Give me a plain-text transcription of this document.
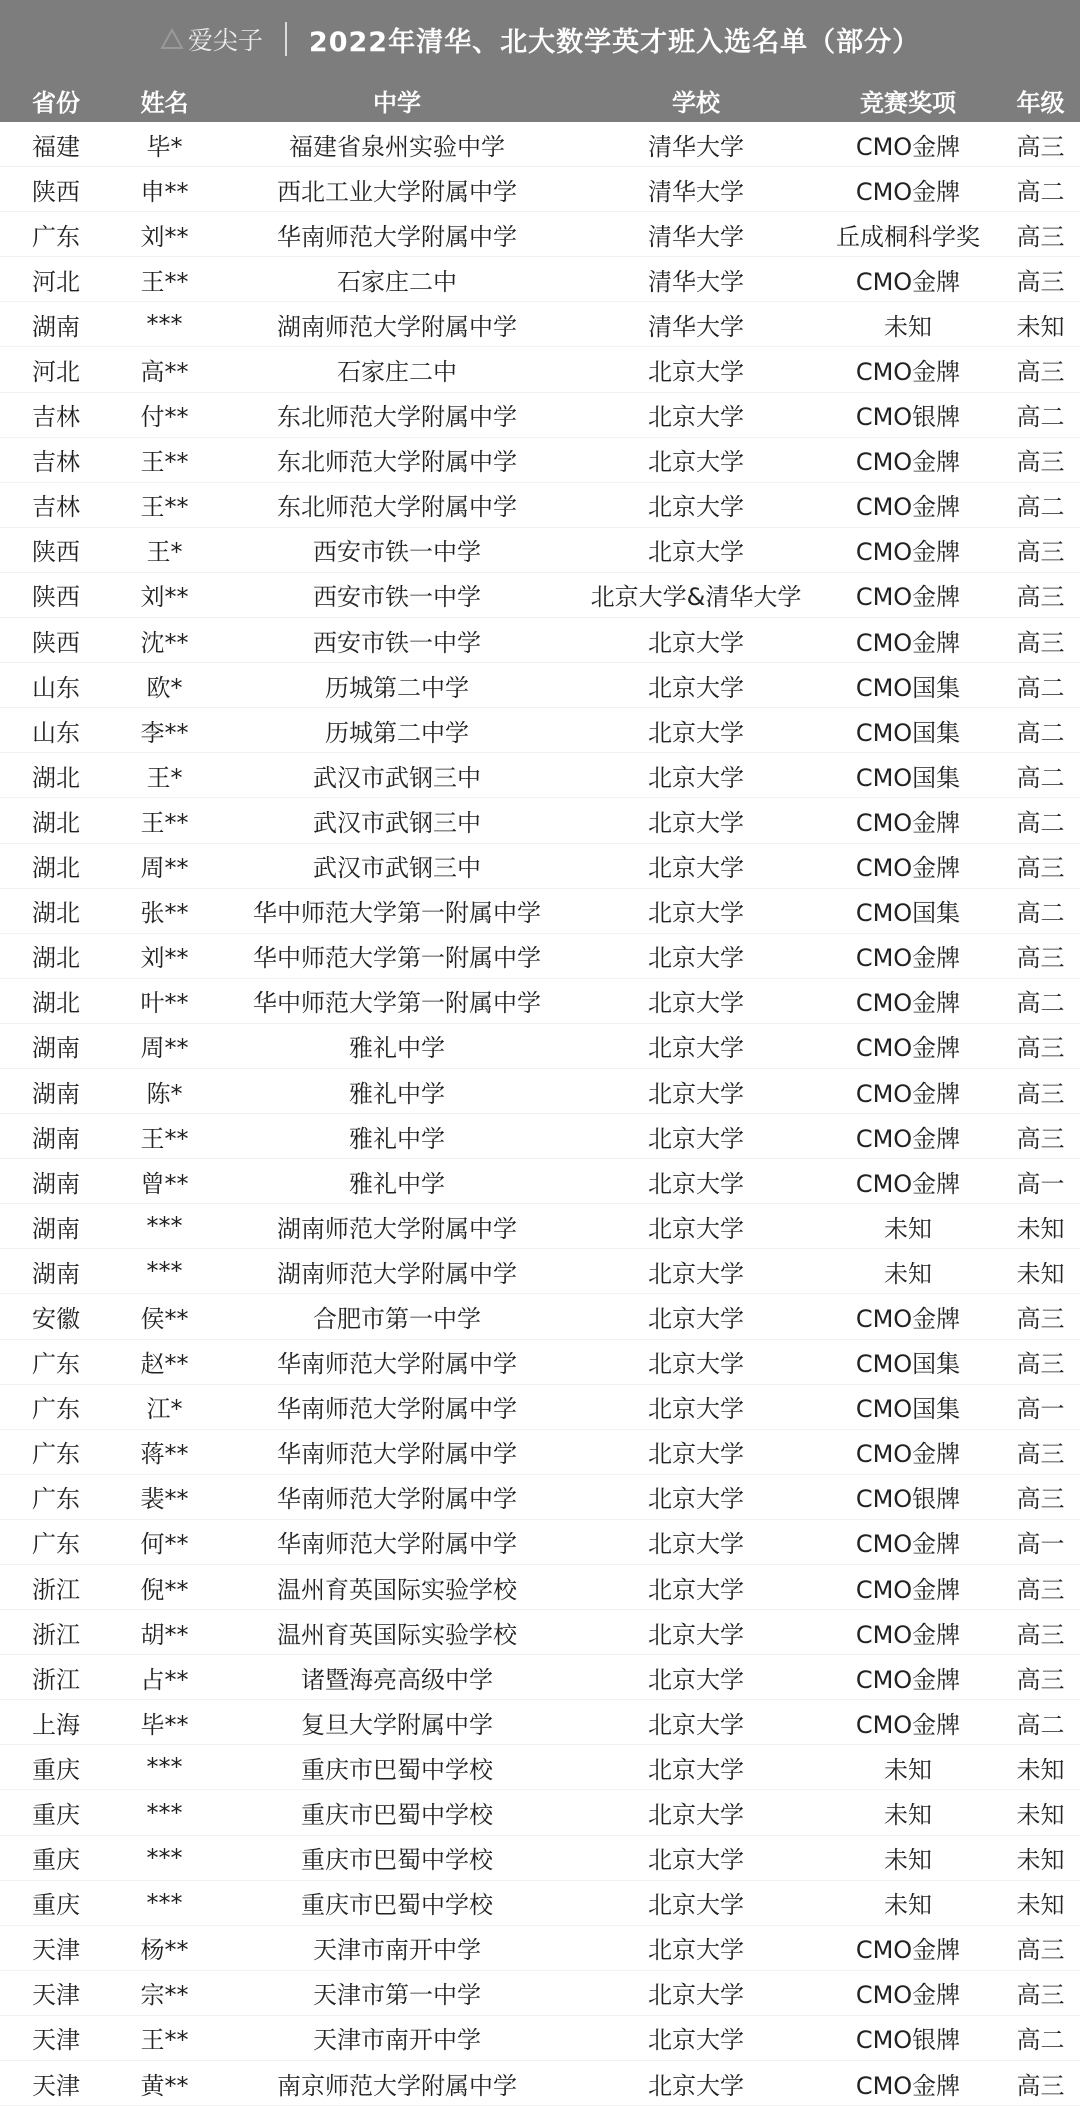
爱尖子 2022年清华、北大数学英才班入选名单（部分）
省份	姓名	中学	学校	竞赛奖项	年级
福建	毕*	福建省泉州实验中学	清华大学	CMO金牌	高三
陕西	申**	西北工业大学附属中学	清华大学	CMO金牌	高二
广东	刘**	华南师范大学附属中学	清华大学	丘成桐科学奖	高三
河北	王**	石家庄二中	清华大学	CMO金牌	高三
湖南	***	湖南师范大学附属中学	清华大学	未知	未知
河北	高**	石家庄二中	北京大学	CMO金牌	高三
吉林	付**	东北师范大学附属中学	北京大学	CMO银牌	高二
吉林	王**	东北师范大学附属中学	北京大学	CMO金牌	高三
吉林	王**	东北师范大学附属中学	北京大学	CMO金牌	高二
陕西	王*	西安市铁一中学	北京大学	CMO金牌	高三
陕西	刘**	西安市铁一中学	北京大学&清华大学	CMO金牌	高三
陕西	沈**	西安市铁一中学	北京大学	CMO金牌	高三
山东	欧*	历城第二中学	北京大学	CMO国集	高二
山东	李**	历城第二中学	北京大学	CMO国集	高二
湖北	王*	武汉市武钢三中	北京大学	CMO国集	高二
湖北	王**	武汉市武钢三中	北京大学	CMO金牌	高二
湖北	周**	武汉市武钢三中	北京大学	CMO金牌	高三
湖北	张**	华中师范大学第一附属中学	北京大学	CMO国集	高二
湖北	刘**	华中师范大学第一附属中学	北京大学	CMO金牌	高三
湖北	叶**	华中师范大学第一附属中学	北京大学	CMO金牌	高二
湖南	周**	雅礼中学	北京大学	CMO金牌	高三
湖南	陈*	雅礼中学	北京大学	CMO金牌	高三
湖南	王**	雅礼中学	北京大学	CMO金牌	高三
湖南	曾**	雅礼中学	北京大学	CMO金牌	高一
湖南	***	湖南师范大学附属中学	北京大学	未知	未知
湖南	***	湖南师范大学附属中学	北京大学	未知	未知
安徽	侯**	合肥市第一中学	北京大学	CMO金牌	高三
广东	赵**	华南师范大学附属中学	北京大学	CMO国集	高三
广东	江*	华南师范大学附属中学	北京大学	CMO国集	高一
广东	蒋**	华南师范大学附属中学	北京大学	CMO金牌	高三
广东	裴**	华南师范大学附属中学	北京大学	CMO银牌	高三
广东	何**	华南师范大学附属中学	北京大学	CMO金牌	高一
浙江	倪**	温州育英国际实验学校	北京大学	CMO金牌	高三
浙江	胡**	温州育英国际实验学校	北京大学	CMO金牌	高三
浙江	占**	诸暨海亮高级中学	北京大学	CMO金牌	高三
上海	毕**	复旦大学附属中学	北京大学	CMO金牌	高二
重庆	***	重庆市巴蜀中学校	北京大学	未知	未知
重庆	***	重庆市巴蜀中学校	北京大学	未知	未知
重庆	***	重庆市巴蜀中学校	北京大学	未知	未知
重庆	***	重庆市巴蜀中学校	北京大学	未知	未知
天津	杨**	天津市南开中学	北京大学	CMO金牌	高三
天津	宗**	天津市第一中学	北京大学	CMO金牌	高三
天津	王**	天津市南开中学	北京大学	CMO银牌	高二
天津	黄**	南京师范大学附属中学	北京大学	CMO金牌	高三
